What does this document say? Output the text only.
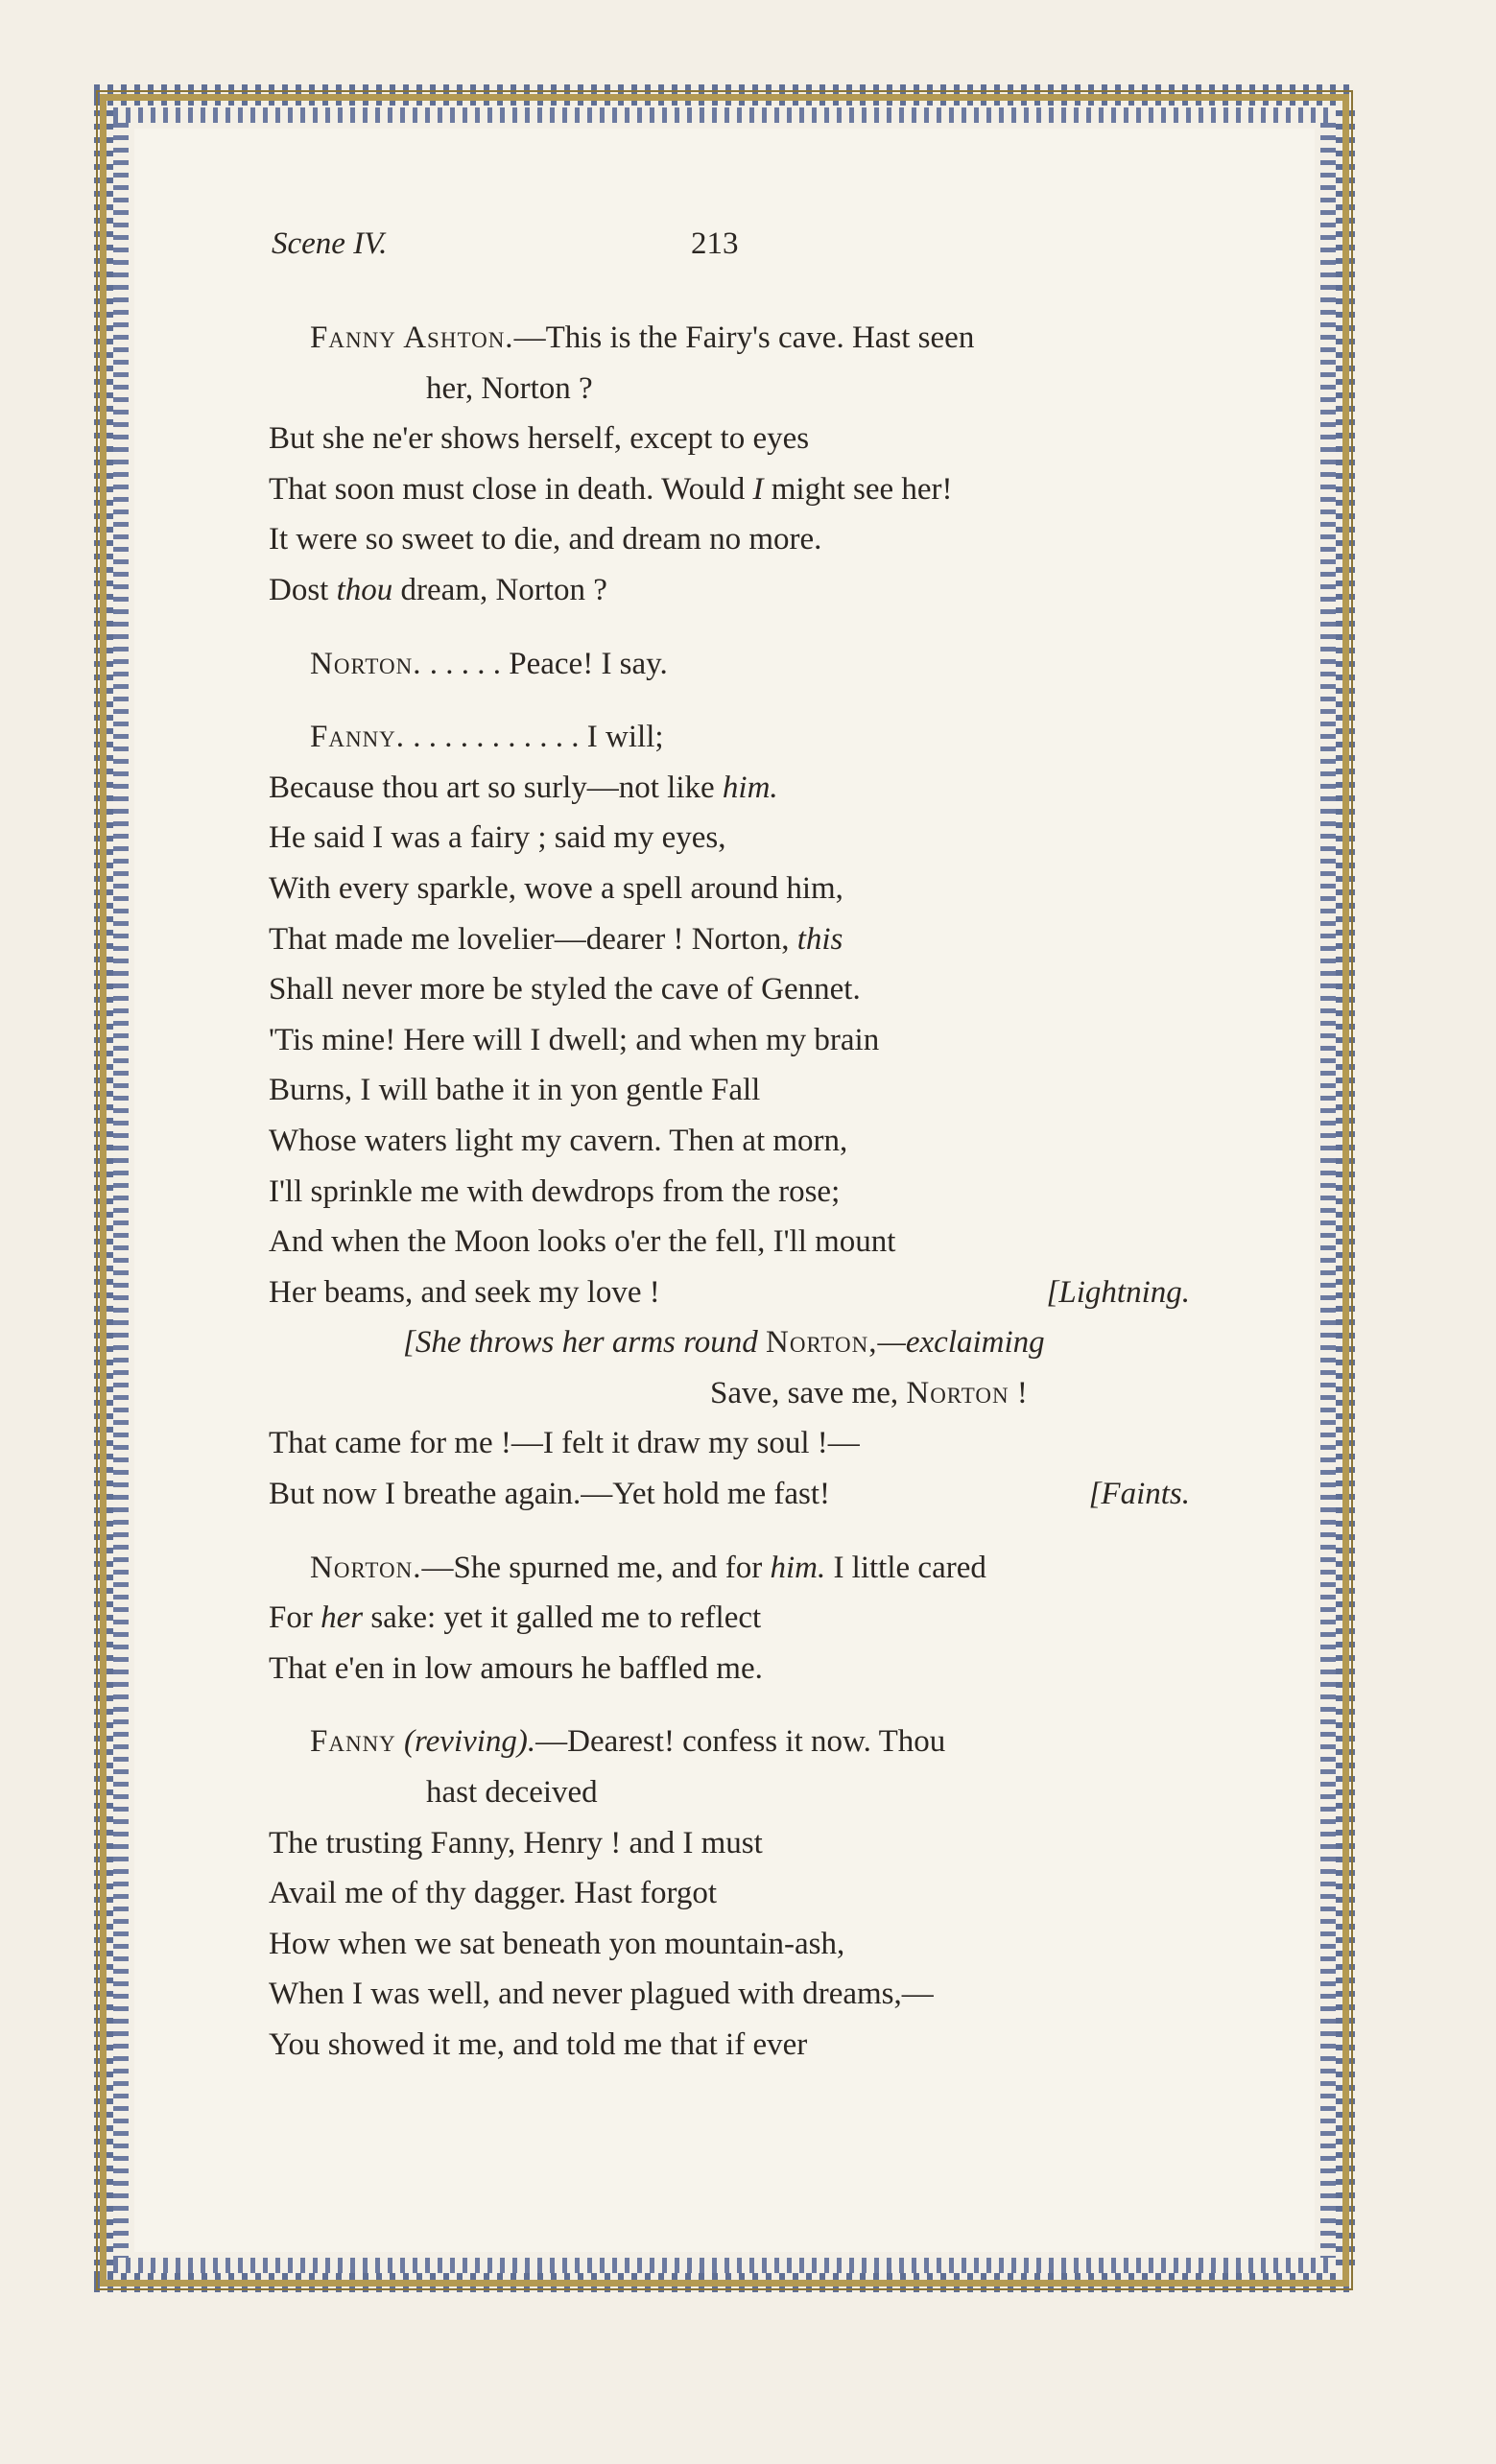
Scene IV.	213
Fanny Ashton.—This is the Fairy's cave. Hast seen
her, Norton ?
But she ne'er shows herself, except to eyes
That soon must close in death. Would I might see her!
It were so sweet to die, and dream no more.
Dost thou dream, Norton ?
Norton. . . . . . Peace! I say.
Fanny. . . . . . . . . . . . I will;
Because thou art so surly—not like him.
He said I was a fairy ; said my eyes,
With every sparkle, wove a spell around him,
That made me lovelier—dearer ! Norton, this
Shall never more be styled the cave of Gennet.
'Tis mine! Here will I dwell; and when my brain
Burns, I will bathe it in yon gentle Fall
Whose waters light my cavern. Then at morn,
I'll sprinkle me with dewdrops from the rose;
And when the Moon looks o'er the fell, I'll mount
Her beams, and seek my love !	[Lightning.
[She throws her arms round Norton,—exclaiming
Save, save me, Norton !
That came for me !—I felt it draw my soul !—
But now I breathe again.—Yet hold me fast!	[Faints.
Norton.—She spurned me, and for him. I little cared
For her sake: yet it galled me to reflect
That e'en in low amours he baffled me.
Fanny (reviving).—Dearest! confess it now. Thou
hast deceived
The trusting Fanny, Henry ! and I must
Avail me of thy dagger. Hast forgot
How when we sat beneath yon mountain-ash,
When I was well, and never plagued with dreams,—
You showed it me, and told me that if ever
